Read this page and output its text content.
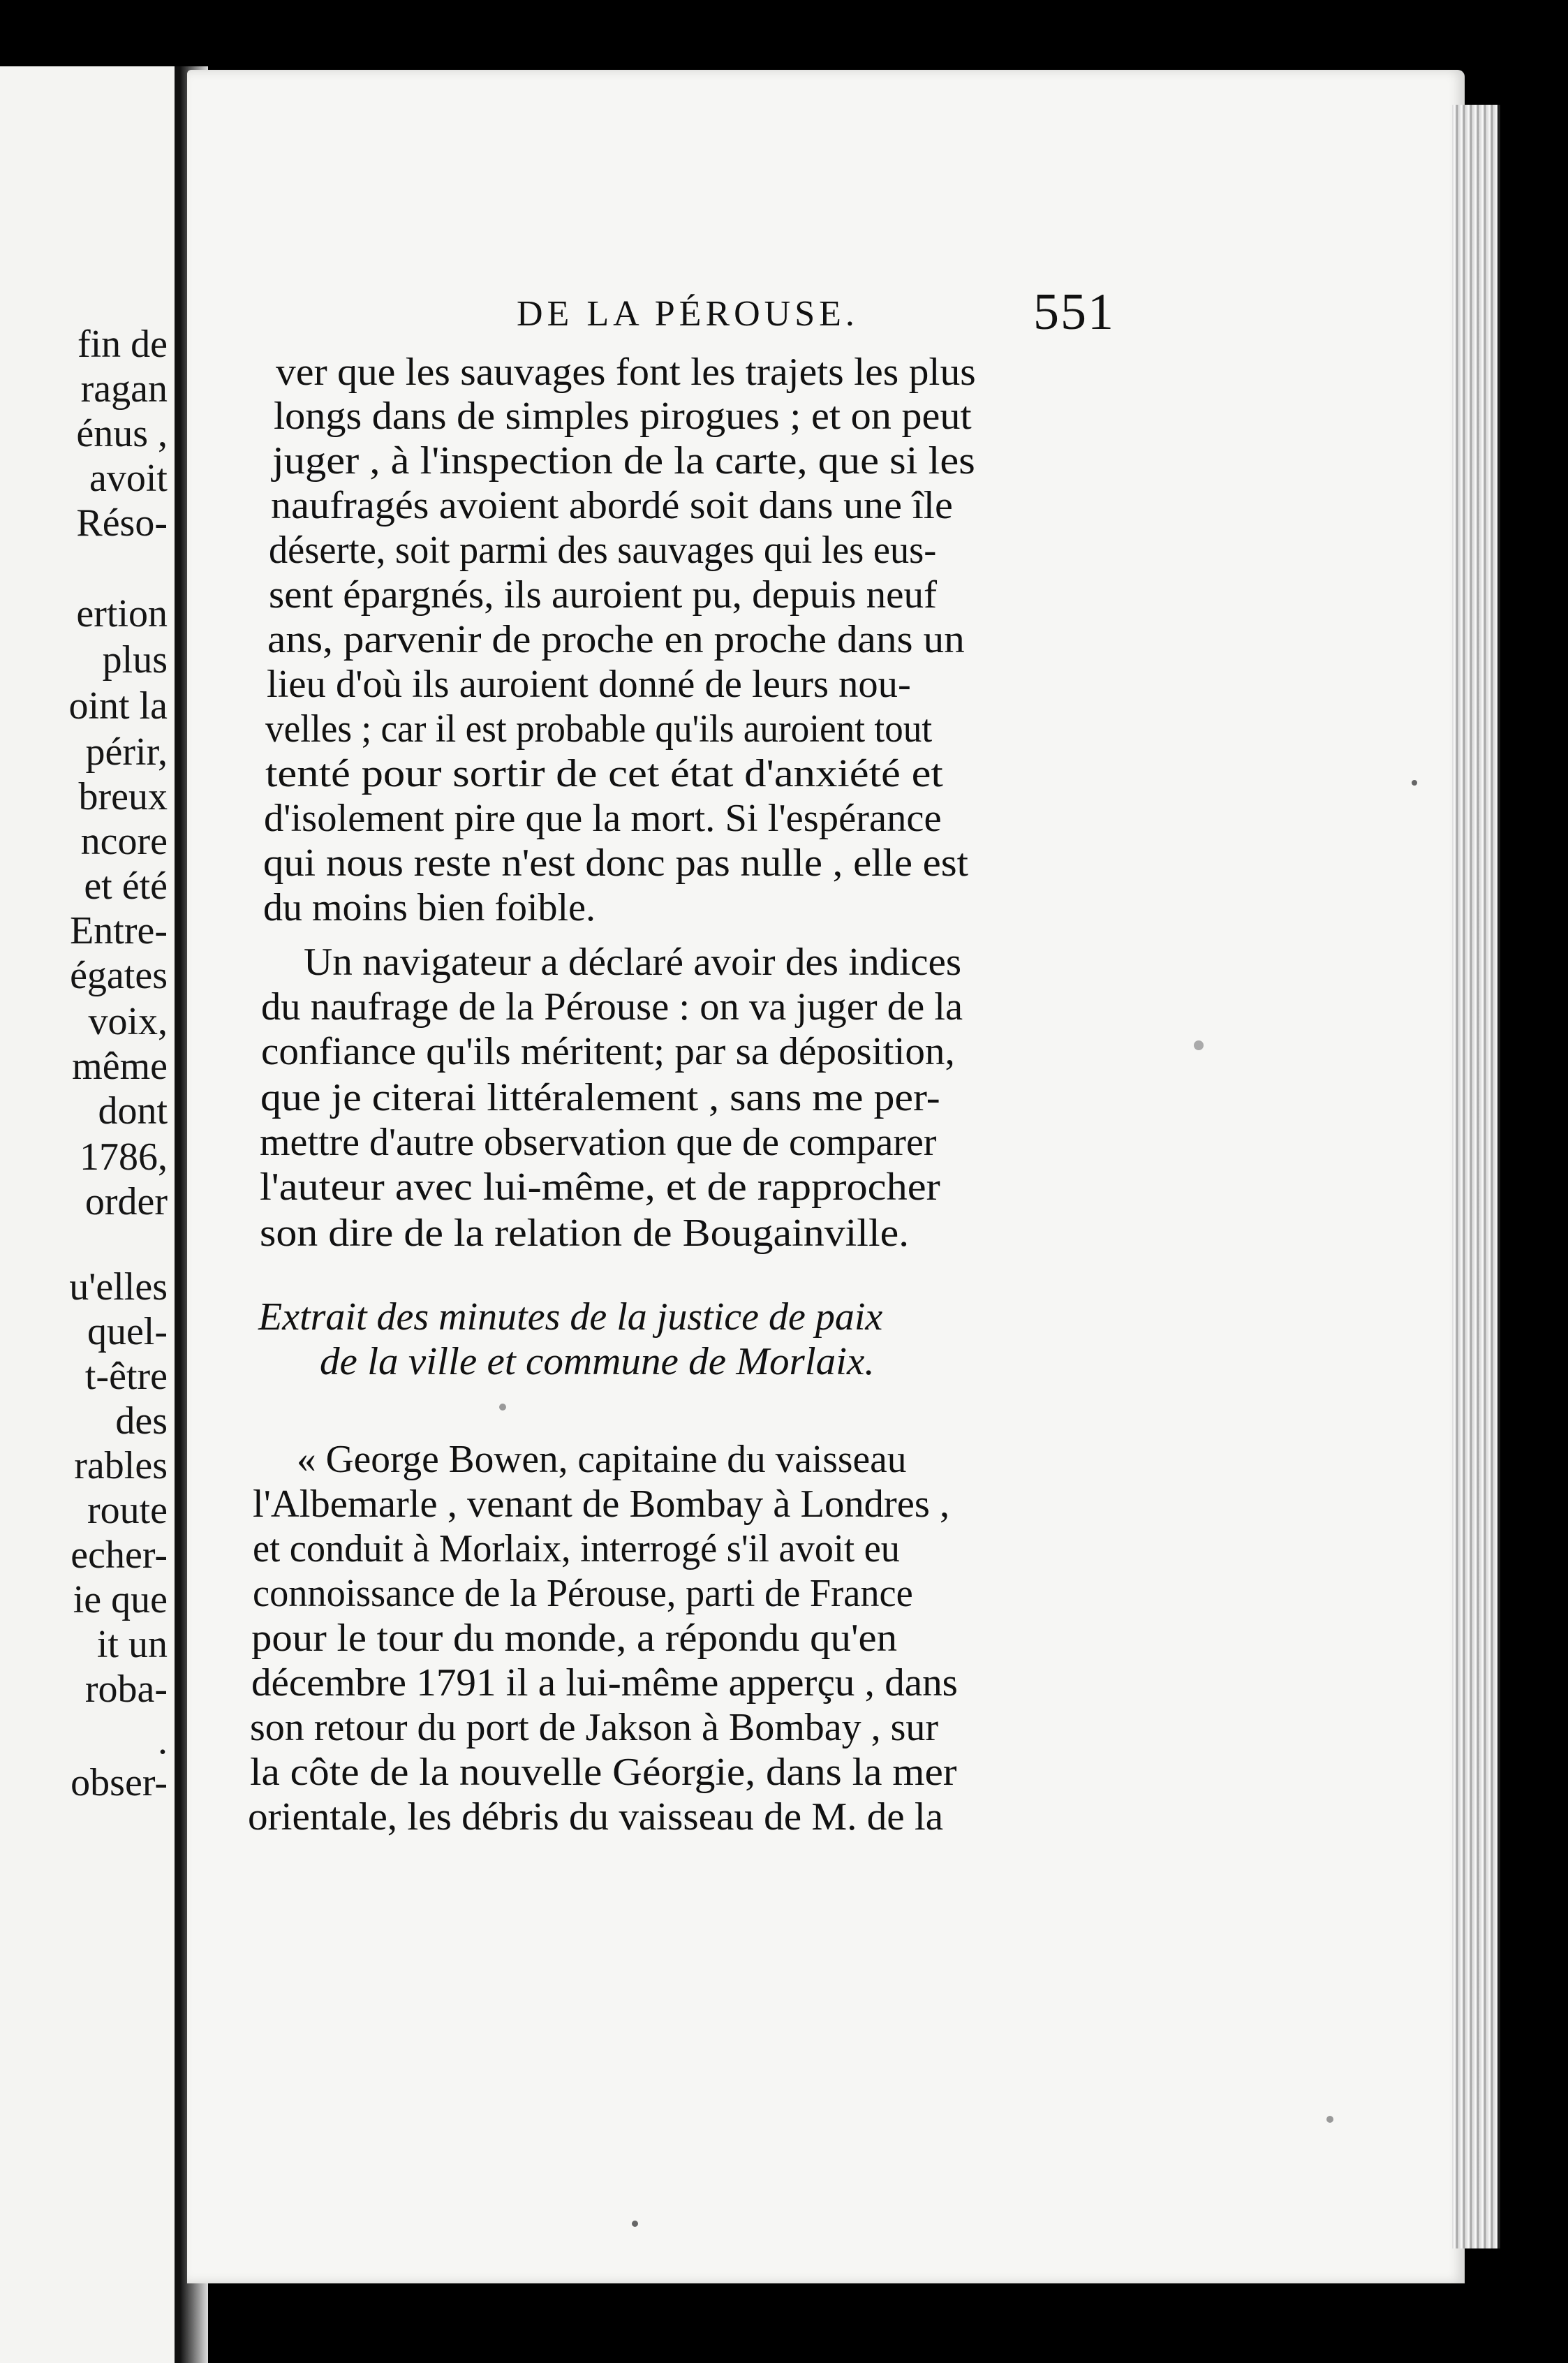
fin de
ragan
énus ,
avoit
Réso-
ertion
plus
oint la
périr,
breux
ncore
et été
Entre-
égates
voix,
même
dont
1786,
order
u'elles
quel-
t-être
des
rables
route
echer-
ie que
it un
roba-
.
obser-
DE LA PÉROUSE.	551
ver que les sauvages font les trajets les plus
longs dans de simples pirogues ; et on peut
juger , à l'inspection de la carte, que si les
naufragés avoient abordé soit dans une île
déserte, soit parmi des sauvages qui les eus-
sent épargnés, ils auroient pu, depuis neuf
ans, parvenir de proche en proche dans un
lieu d'où ils auroient donné de leurs nou-
velles ; car il est probable qu'ils auroient tout
tenté pour sortir de cet état d'anxiété et
d'isolement pire que la mort. Si l'espérance
qui nous reste n'est donc pas nulle , elle est
du moins bien foible.
Un navigateur a déclaré avoir des indices
du naufrage de la Pérouse : on va juger de la
confiance qu'ils méritent; par sa déposition,
que je citerai littéralement , sans me per-
mettre d'autre observation que de comparer
l'auteur avec lui-même, et de rapprocher
son dire de la relation de Bougainville.
Extrait des minutes de la justice de paix
de la ville et commune de Morlaix.
« George Bowen, capitaine du vaisseau
l'Albemarle , venant de Bombay à Londres ,
et conduit à Morlaix, interrogé s'il avoit eu
connoissance de la Pérouse, parti de France
pour le tour du monde, a répondu qu'en
décembre 1791 il a lui-même apperçu , dans
son retour du port de Jakson à Bombay , sur
la côte de la nouvelle Géorgie, dans la mer
orientale, les débris du vaisseau de M. de la
